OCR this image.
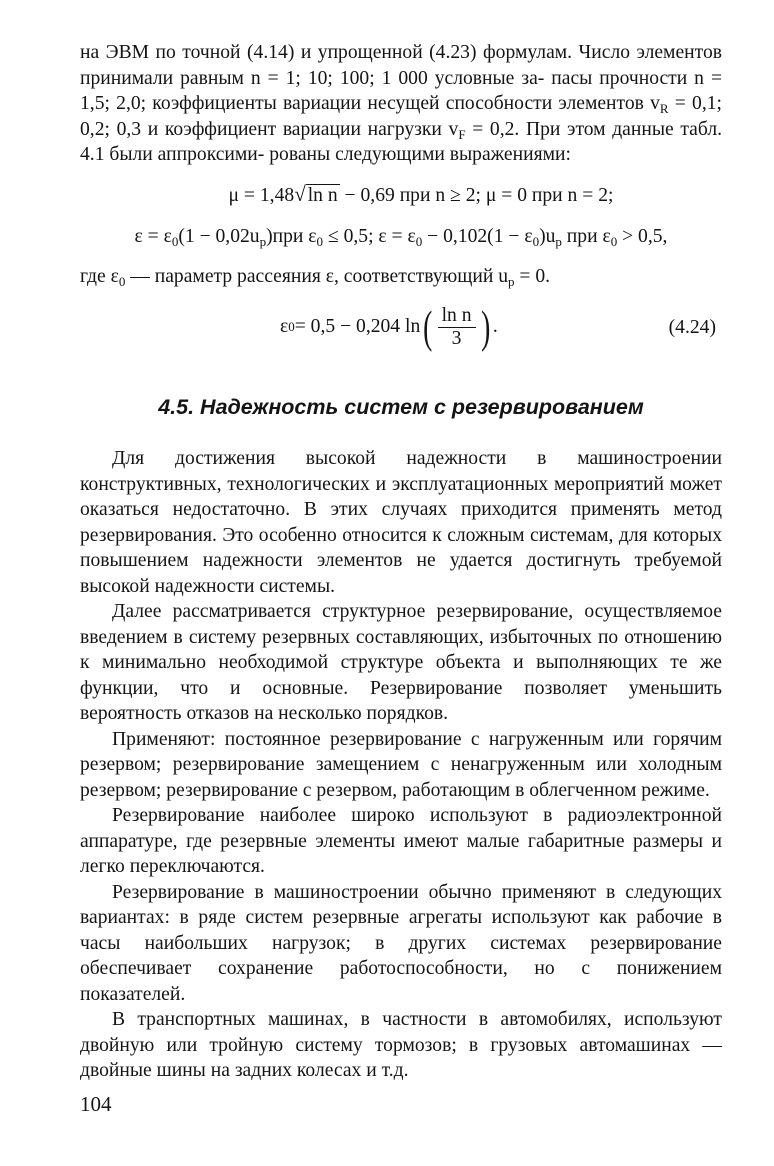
на ЭВМ по точной (4.14) и упрощенной (4.23) формулам. Число элементов принимали равным n = 1; 10; 100; 1 000 условные за- пасы прочности n = 1,5; 2,0; коэффициенты вариации несущей способности элементов $v_R = 0,1$; 0,2; 0,3 и коэффициент вариации нагрузки $v_F = 0,2$. При этом данные табл. 4.1 были аппроксими- рованы следующими выражениями:

μ = 1,48√ ln n − 0,69 при n ≥ 2; μ = 0 при n = 2;
$\varepsilon = \varepsilon_0(1 - 0,02u_р)при$ $\varepsilon_0 \le 0,5$; $\varepsilon = \varepsilon_0 - 0,102(1 - \varepsilon_0)u_р$ при $\varepsilon_0 > 0,5$,
где $\varepsilon_0$ — параметр рассеяния ε, соответствующий $u_р = 0$.
ε 0 = 0,5 − 0,204 ln ( $\frac{\text{ln n}}{3}$ ) .	(4.24)
4.5. Надежность систем с резервированием

Для достижения высокой надежности в машиностроении конструктивных, технологических и эксплуатационных мероприятий может оказаться недостаточно. В этих случаях приходится применять метод резервирования. Это особенно относится к сложным системам, для которых повышением надежности элементов не удается достигнуть требуемой высокой надежности системы.

Далее рассматривается структурное резервирование, осуществляемое введением в систему резервных составляющих, избыточных по отношению к минимально необходимой структуре объекта и выполняющих те же функции, что и основные. Резервирование позволяет уменьшить вероятность отказов на несколько порядков.

Применяют: постоянное резервирование с нагруженным или горячим резервом; резервирование замещением с ненагруженным или холодным резервом; резервирование с резервом, работающим в облегченном режиме.

Резервирование наиболее широко используют в радиоэлектронной аппаратуре, где резервные элементы имеют малые габаритные размеры и легко переключаются.

Резервирование в машиностроении обычно применяют в следующих вариантах: в ряде систем резервные агрегаты используют как рабочие в часы наибольших нагрузок; в других системах резервирование обеспечивает сохранение работоспособности, но с понижением показателей.

В транспортных машинах, в частности в автомобилях, используют двойную или тройную систему тормозов; в грузовых автомашинах — двойные шины на задних колесах и т.д.

104
